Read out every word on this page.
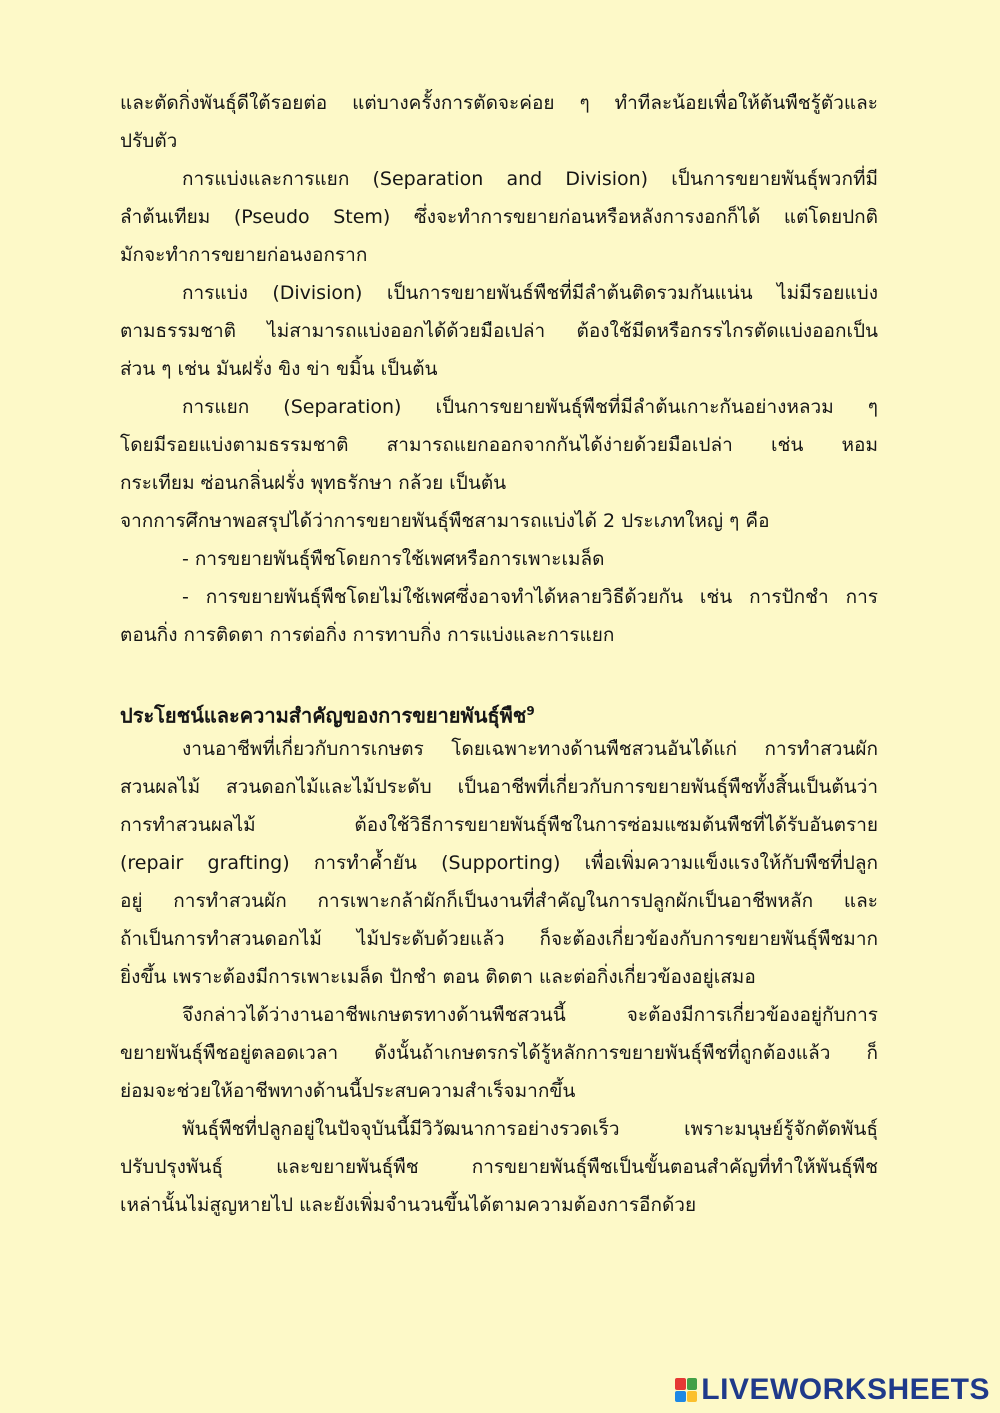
และตัดกิ่งพันธุ์ดีใต้รอยต่อ แต่บางครั้งการตัดจะค่อย ๆ ทำทีละน้อยเพื่อให้ต้นพืชรู้ตัวและ
ปรับตัว
การแบ่งและการแยก (Separation and Division) เป็นการขยายพันธุ์พวกที่มี
ลำต้นเทียม (Pseudo Stem) ซึ่งจะทำการขยายก่อนหรือหลังการงอกก็ได้ แต่โดยปกติ
มักจะทำการขยายก่อนงอกราก
การแบ่ง (Division) เป็นการขยายพันธ์พืชที่มีลำต้นติดรวมกันแน่น ไม่มีรอยแบ่ง
ตามธรรมชาติ ไม่สามารถแบ่งออกได้ด้วยมือเปล่า ต้องใช้มีดหรือกรรไกรตัดแบ่งออกเป็น
ส่วน ๆ เช่น มันฝรั่ง ขิง ข่า ขมิ้น เป็นต้น
การแยก (Separation) เป็นการขยายพันธุ์พืชที่มีลำต้นเกาะกันอย่างหลวม ๆ
โดยมีรอยแบ่งตามธรรมชาติ สามารถแยกออกจากกันได้ง่ายด้วยมือเปล่า เช่น หอม
กระเทียม ซ่อนกลิ่นฝรั่ง พุทธรักษา กล้วย เป็นต้น
จากการศึกษาพอสรุปได้ว่าการขยายพันธุ์พืชสามารถแบ่งได้ 2 ประเภทใหญ่ ๆ คือ
- การขยายพันธุ์พืชโดยการใช้เพศหรือการเพาะเมล็ด
- การขยายพันธุ์พืชโดยไม่ใช้เพศซึ่งอาจทำได้หลายวิธีด้วยกัน เช่น การปักชำ การ
ตอนกิ่ง การติดตา การต่อกิ่ง การทาบกิ่ง การแบ่งและการแยก
ประโยชน์และความสำคัญของการขยายพันธุ์พืช$^9$
งานอาชีพที่เกี่ยวกับการเกษตร โดยเฉพาะทางด้านพืชสวนอันได้แก่ การทำสวนผัก
สวนผลไม้ สวนดอกไม้และไม้ประดับ เป็นอาชีพที่เกี่ยวกับการขยายพันธุ์พืชทั้งสิ้นเป็นต้นว่า
การทำสวนผลไม้ ต้องใช้วิธีการขยายพันธุ์พืชในการซ่อมแซมต้นพืชที่ได้รับอันตราย
(repair grafting) การทำค้ำยัน (Supporting) เพื่อเพิ่มความแข็งแรงให้กับพืชที่ปลูก
อยู่ การทำสวนผัก การเพาะกล้าผักก็เป็นงานที่สำคัญในการปลูกผักเป็นอาชีพหลัก และ
ถ้าเป็นการทำสวนดอกไม้ ไม้ประดับด้วยแล้ว ก็จะต้องเกี่ยวข้องกับการขยายพันธุ์พืชมาก
ยิ่งขึ้น เพราะต้องมีการเพาะเมล็ด ปักชำ ตอน ติดตา และต่อกิ่งเกี่ยวข้องอยู่เสมอ
จึงกล่าวได้ว่างานอาชีพเกษตรทางด้านพืชสวนนี้ จะต้องมีการเกี่ยวข้องอยู่กับการ
ขยายพันธุ์พืชอยู่ตลอดเวลา ดังนั้นถ้าเกษตรกรได้รู้หลักการขยายพันธุ์พืชที่ถูกต้องแล้ว ก็
ย่อมจะช่วยให้อาชีพทางด้านนี้ประสบความสำเร็จมากขึ้น
พันธุ์พืชที่ปลูกอยู่ในปัจจุบันนี้มีวิวัฒนาการอย่างรวดเร็ว เพราะมนุษย์รู้จักตัดพันธุ์
ปรับปรุงพันธุ์ และขยายพันธุ์พืช การขยายพันธุ์พืชเป็นขั้นตอนสำคัญที่ทำให้พันธุ์พืช
เหล่านั้นไม่สูญหายไป และยังเพิ่มจำนวนขึ้นได้ตามความต้องการอีกด้วย
LIVEWORKSHEETS
